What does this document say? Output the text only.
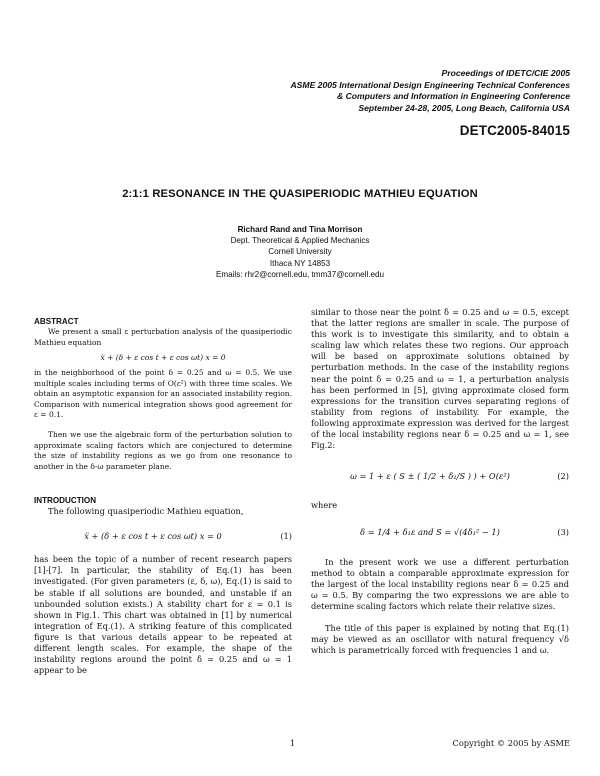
Proceedings of IDETC/CIE 2005
ASME 2005 International Design Engineering Technical Conferences
& Computers and Information in Engineering Conference
September 24-28, 2005, Long Beach, California USA
DETC2005-84015
2:1:1 RESONANCE IN THE QUASIPERIODIC MATHIEU EQUATION
Richard Rand and Tina Morrison
Dept. Theoretical & Applied Mechanics
Cornell University
Ithaca NY 14853
Emails: rhr2@cornell.edu, tmm37@cornell.edu
ABSTRACT

We present a small ε perturbation analysis of the quasiperiodic Mathieu equation

ẍ + (δ + ε cos t + ε cos ωt) x = 0

in the neighborhood of the point δ = 0.25 and ω = 0.5. We use multiple scales including terms of O(ε²) with three time scales. We obtain an asymptotic expansion for an associated instability region. Comparison with numerical integration shows good agreement for ε = 0.1.

Then we use the algebraic form of the perturbation solution to approximate scaling factors which are conjectured to determine the size of instability regions as we go from one resonance to another in the δ-ω parameter plane.

INTRODUCTION

The following quasiperiodic Mathieu equation,

ẍ + (δ + ε cos t + ε cos ωt) x = 0	(1)

has been the topic of a number of recent research papers [1]-[7]. In particular, the stability of Eq.(1) has been investigated. (For given parameters (ε, δ, ω), Eq.(1) is said to be stable if all solutions are bounded, and unstable if an unbounded solution exists.) A stability chart for ε = 0.1 is shown in Fig.1. This chart was obtained in [1] by numerical integration of Eq.(1). A striking feature of this complicated figure is that various details appear to be repeated at different length scales. For example, the shape of the instability regions around the point δ = 0.25 and ω = 1 appear to be

similar to those near the point δ = 0.25 and ω = 0.5, except that the latter regions are smaller in scale. The purpose of this work is to investigate this similarity, and to obtain a scaling law which relates these two regions. Our approach will be based on approximate solutions obtained by perturbation methods. In the case of the instability regions near the point δ = 0.25 and ω = 1, a perturbation analysis has been performed in [5], giving approximate closed form expressions for the transition curves separating regions of stability from regions of instability. For example, the following approximate expression was derived for the largest of the local instability regions near δ = 0.25 and ω = 1, see Fig.2:

ω = 1 + ε ( S ± ( 1/2 + δ₁/S ) ) + O(ε²)	(2)

where

δ = 1/4 + δ₁ε and S = √(4δ₁² − 1)	(3)

In the present work we use a different perturbation method to obtain a comparable approximate expression for the largest of the local instability regions near δ = 0.25 and ω = 0.5. By comparing the two expressions we are able to determine scaling factors which relate their relative sizes.

The title of this paper is explained by noting that Eq.(1) may be viewed as an oscillator with natural frequency √δ which is parametrically forced with frequencies 1 and ω.

1	Copyright © 2005 by ASME
